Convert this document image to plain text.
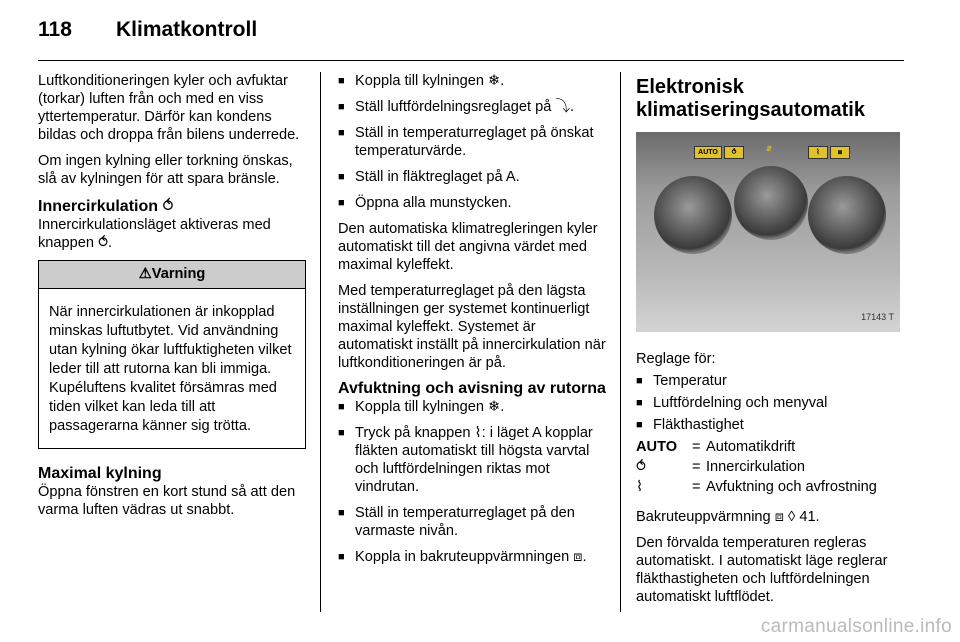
118 Klimatkontroll

Luftkonditioneringen kyler och avfuktar (torkar) luften från och med en viss yttertemperatur. Därför kan kondens bildas och droppa från bilens underrede.

Om ingen kylning eller torkning önskas, slå av kylningen för att spara bränsle.

Innercirkulation ⥀

Innercirkulationsläget aktiveras med knappen ⥀.

⚠Varning
När innercirkulationen är inkopplad minskas luftutbytet. Vid användning utan kylning ökar luftfuktigheten vilket leder till att rutorna kan bli immiga. Kupéluftens kvalitet försämras med tiden vilket kan leda till att passagerarna känner sig trötta.
Maximal kylning

Öppna fönstren en kort stund så att den varma luften vädras ut snabbt.

■ Koppla till kylningen ❄.
■ Ställ luftfördelningsreglaget på ⤵.
■ Ställ in temperaturreglaget på önskat temperaturvärde.
■ Ställ in fläktreglaget på A.
■ Öppna alla munstycken.

Den automatiska klimatregleringen kyler automatiskt till det angivna värdet med maximal kyleffekt.

Med temperaturreglaget på den lägsta inställningen ger systemet kontinuerligt maximal kyleffekt. Systemet är automatiskt inställt på innercirkulation när luftkonditioneringen är på.

Avfuktning och avisning av rutorna
■ Koppla till kylningen ❄.
■ Tryck på knappen ⌇: i läget A kopplar fläkten automatiskt till högsta varvtal och luftfördelningen riktas mot vindrutan.
■ Ställ in temperaturreglaget på den varmaste nivån.
■ Koppla in bakruteuppvärmningen ⧈.
Elektronisk klimatiseringsautomatik
AUTO	⥀	⇵	⌇	⧈
17143 T

Reglage för:

■ Temperatur
■ Luftfördelning och menyval
■ Fläkthastighet
AUTO	= Automatikdrift
⥀	= Innercirkulation
⌇	= Avfuktning och avfrostning

Bakruteuppvärmning ⧈ ◊ 41.

Den förvalda temperaturen regleras automatiskt. I automatiskt läge reglerar fläkthastigheten och luftfördelningen automatiskt luftflödet.

carmanualsonline.info
